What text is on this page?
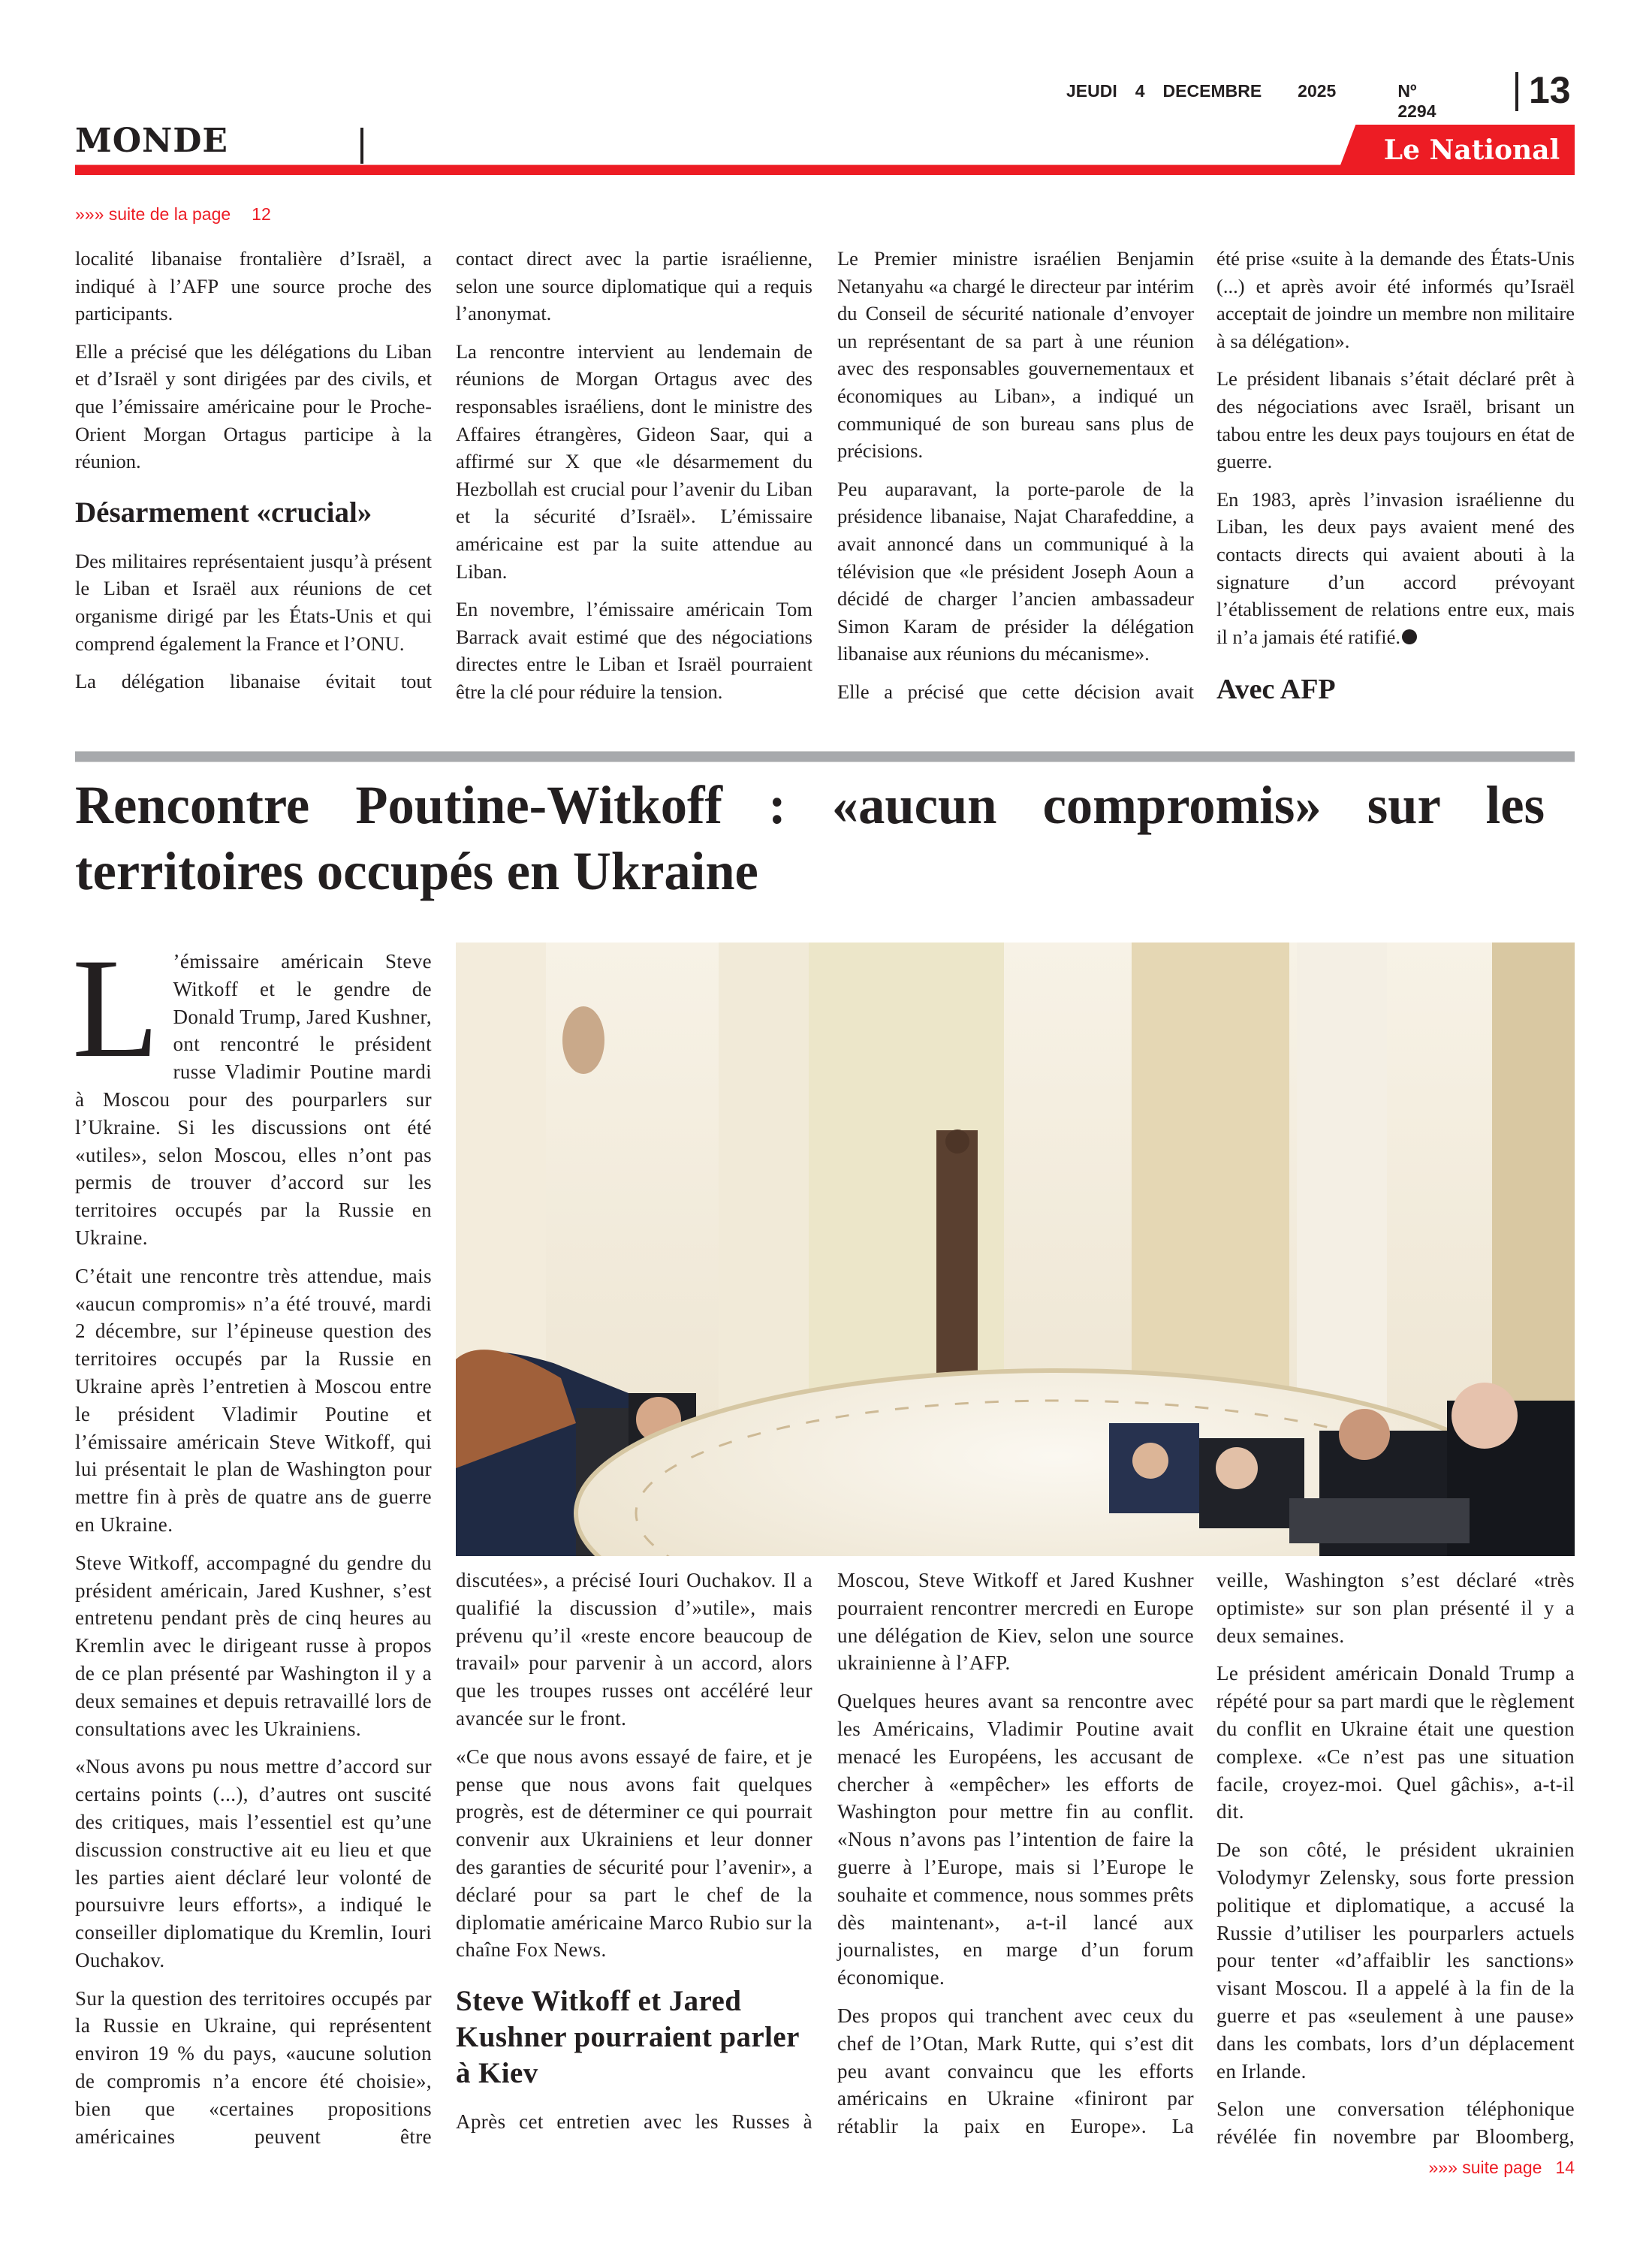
JEUDI 4 DECEMBRE 2025	Nº 2294 13
MONDE	Le National
»»» suite de la page 12

localité libanaise frontalière d’Israël, a indiqué à l’AFP une source proche des participants.

Elle a précisé que les délégations du Liban et d’Israël y sont dirigées par des civils, et que l’émissaire américaine pour le Proche-Orient Morgan Ortagus participe à la réunion.

Désarmement «crucial»

Des militaires représentaient jusqu’à présent le Liban et Israël aux réunions de cet organisme dirigé par les États-Unis et qui comprend également la France et l’ONU.

La délégation libanaise évitait tout

contact direct avec la partie israélienne, selon une source diplomatique qui a requis l’anonymat.

La rencontre intervient au lendemain de réunions de Morgan Ortagus avec des responsables israéliens, dont le ministre des Affaires étrangères, Gideon Saar, qui a affirmé sur X que «le désarmement du Hezbollah est crucial pour l’avenir du Liban et la sécurité d’Israël». L’émissaire américaine est par la suite attendue au Liban.

En novembre, l’émissaire américain Tom Barrack avait estimé que des négociations directes entre le Liban et Israël pourraient être la clé pour réduire la tension.

Le Premier ministre israélien Benjamin Netanyahu «a chargé le directeur par intérim du Conseil de sécurité nationale d’envoyer un représentant de sa part à une réunion avec des responsables gouvernementaux et économiques au Liban», a indiqué un communiqué de son bureau sans plus de précisions.

Peu auparavant, la porte-parole de la présidence libanaise, Najat Charafeddine, a avait annoncé dans un communiqué à la télévision que «le président Joseph Aoun a décidé de charger l’ancien ambassadeur Simon Karam de présider la délégation libanaise aux réunions du mécanisme».

Elle a précisé que cette décision avait

été prise «suite à la demande des États-Unis (...) et après avoir été informés qu’Israël acceptait de joindre un membre non militaire à sa délégation».

Le président libanais s’était déclaré prêt à des négociations avec Israël, brisant un tabou entre les deux pays toujours en état de guerre.

En 1983, après l’invasion israélienne du Liban, les deux pays avaient mené des contacts directs qui avaient abouti à la signature d’un accord prévoyant l’établissement de relations entre eux, mais il n’a jamais été ratifié.

Avec AFP
Rencontre Poutine-Witkoff : «aucun compromis» sur les territoires occupés en Ukraine

L ’émissaire américain Steve Witkoff et le gendre de Donald Trump, Jared Kushner, ont rencontré le président russe Vladimir Poutine mardi à Moscou pour des pourparlers sur l’Ukraine. Si les discussions ont été «utiles», selon Moscou, elles n’ont pas permis de trouver d’accord sur les territoires occupés par la Russie en Ukraine.

C’était une rencontre très attendue, mais «aucun compromis» n’a été trouvé, mardi 2 décembre, sur l’épineuse question des territoires occupés par la Russie en Ukraine après l’entretien à Moscou entre le président Vladimir Poutine et l’émissaire américain Steve Witkoff, qui lui présentait le plan de Washington pour mettre fin à près de quatre ans de guerre en Ukraine.

Steve Witkoff, accompagné du gendre du président américain, Jared Kushner, s’est entretenu pendant près de cinq heures au Kremlin avec le dirigeant russe à propos de ce plan présenté par Washington il y a deux semaines et depuis retravaillé lors de consultations avec les Ukrainiens.

«Nous avons pu nous mettre d’accord sur certains points (...), d’autres ont suscité des critiques, mais l’essentiel est qu’une discussion constructive ait eu lieu et que les parties aient déclaré leur volonté de poursuivre leurs efforts», a indiqué le conseiller diplomatique du Kremlin, Iouri Ouchakov.

Sur la question des territoires occupés par la Russie en Ukraine, qui représentent environ 19 % du pays, «aucune solution de compromis n’a encore été choisie», bien que «certaines propositions américaines peuvent être

discutées», a précisé Iouri Ouchakov. Il a qualifié la discussion d’»utile», mais prévenu qu’il «reste encore beaucoup de travail» pour parvenir à un accord, alors que les troupes russes ont accéléré leur avancée sur le front.

«Ce que nous avons essayé de faire, et je pense que nous avons fait quelques progrès, est de déterminer ce qui pourrait convenir aux Ukrainiens et leur donner des garanties de sécurité pour l’avenir», a déclaré pour sa part le chef de la diplomatie américaine Marco Rubio sur la chaîne Fox News.

Steve Witkoff et Jared Kushner pourraient parler à Kiev

Après cet entretien avec les Russes à

Moscou, Steve Witkoff et Jared Kushner pourraient rencontrer mercredi en Europe une délégation de Kiev, selon une source ukrainienne à l’AFP.

Quelques heures avant sa rencontre avec les Américains, Vladimir Poutine avait menacé les Européens, les accusant de chercher à «empêcher» les efforts de Washington pour mettre fin au conflit. «Nous n’avons pas l’intention de faire la guerre à l’Europe, mais si l’Europe le souhaite et commence, nous sommes prêts dès maintenant», a-t-il lancé aux journalistes, en marge d’un forum économique.

Des propos qui tranchent avec ceux du chef de l’Otan, Mark Rutte, qui s’est dit peu avant convaincu que les efforts américains en Ukraine «finiront par rétablir la paix en Europe». La

veille, Washington s’est déclaré «très optimiste» sur son plan présenté il y a deux semaines.

Le président américain Donald Trump a répété pour sa part mardi que le règlement du conflit en Ukraine était une question complexe. «Ce n’est pas une situation facile, croyez-moi. Quel gâchis», a-t-il dit.

De son côté, le président ukrainien Volodymyr Zelensky, sous forte pression politique et diplomatique, a accusé la Russie d’utiliser les pourparlers actuels pour tenter «d’affaiblir les sanctions» visant Moscou. Il a appelé à la fin de la guerre et pas «seulement à une pause» dans les combats, lors d’un déplacement en Irlande.

Selon une conversation téléphonique révélée fin novembre par Bloomberg,

»»» suite page 14
